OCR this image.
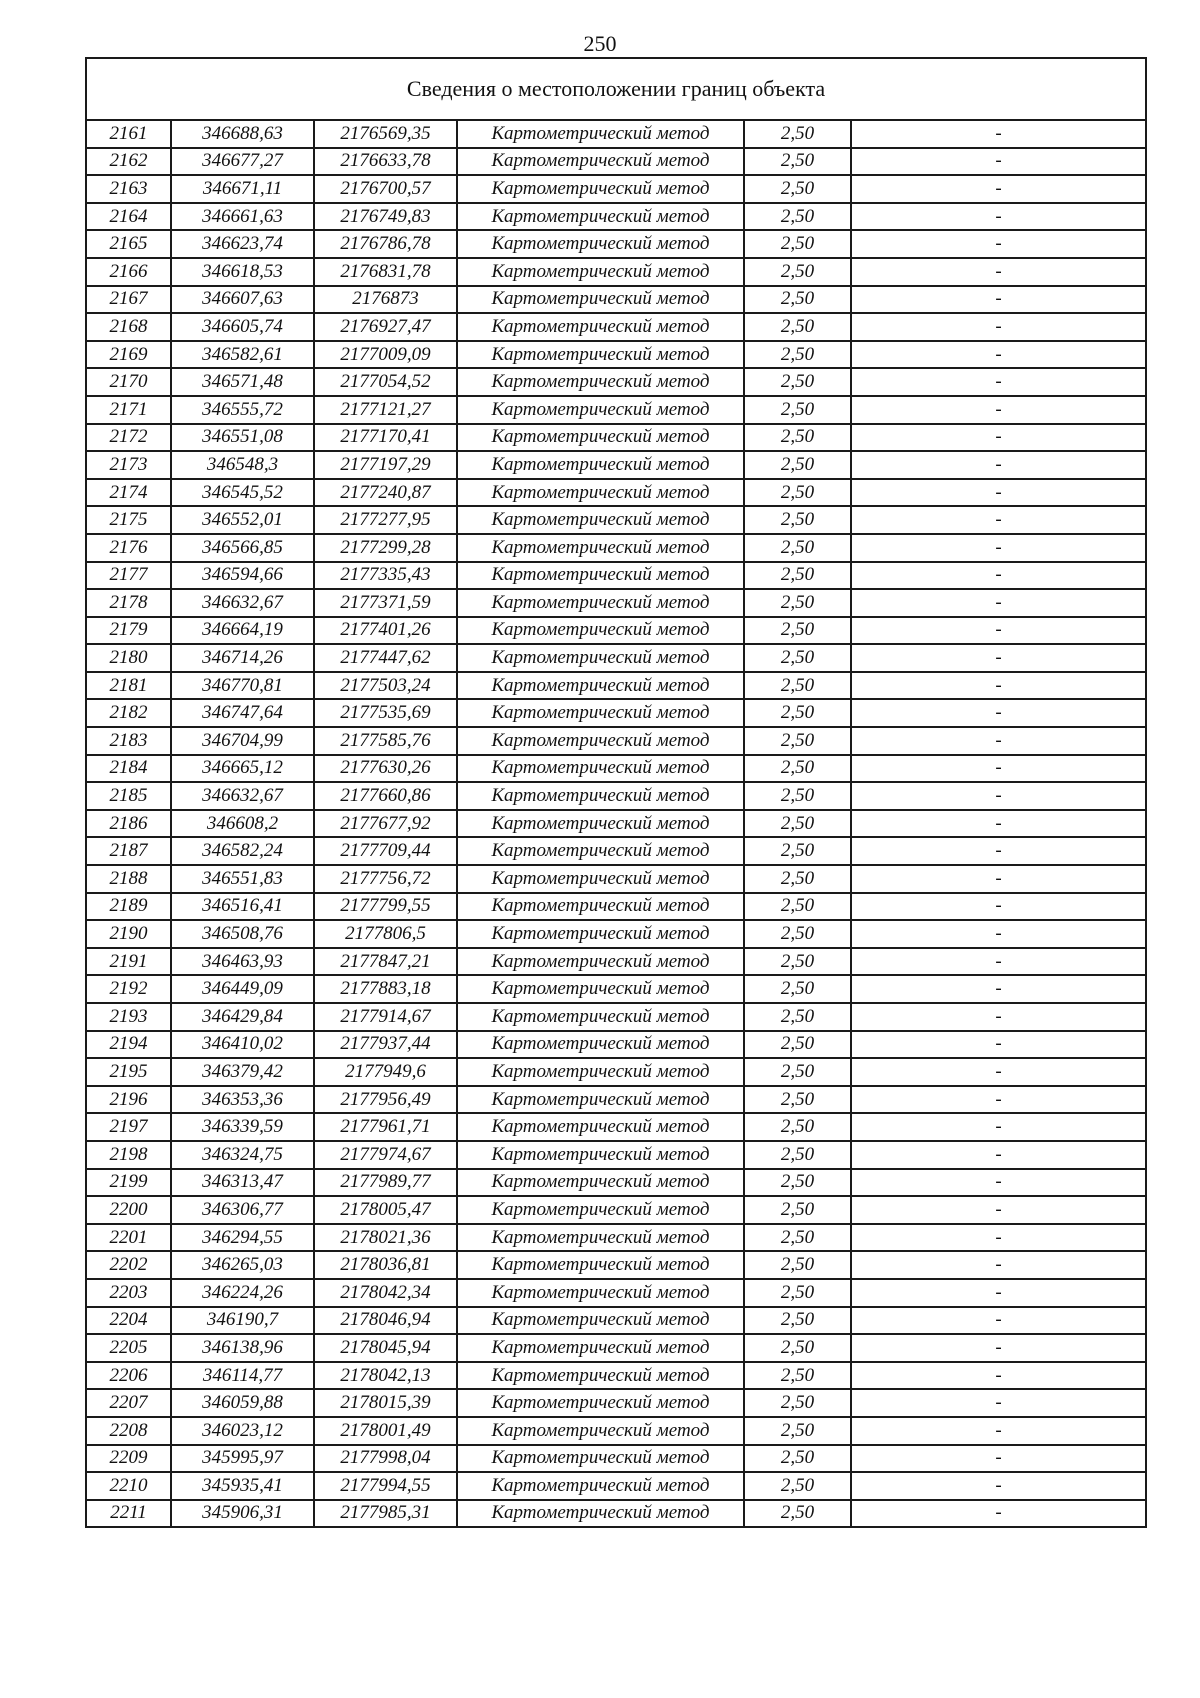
250
Сведения о местоположении границ объекта					
2161	346688,63	2176569,35	Картометрический метод	2,50	-
2162	346677,27	2176633,78	Картометрический метод	2,50	-
2163	346671,11	2176700,57	Картометрический метод	2,50	-
2164	346661,63	2176749,83	Картометрический метод	2,50	-
2165	346623,74	2176786,78	Картометрический метод	2,50	-
2166	346618,53	2176831,78	Картометрический метод	2,50	-
2167	346607,63	2176873	Картометрический метод	2,50	-
2168	346605,74	2176927,47	Картометрический метод	2,50	-
2169	346582,61	2177009,09	Картометрический метод	2,50	-
2170	346571,48	2177054,52	Картометрический метод	2,50	-
2171	346555,72	2177121,27	Картометрический метод	2,50	-
2172	346551,08	2177170,41	Картометрический метод	2,50	-
2173	346548,3	2177197,29	Картометрический метод	2,50	-
2174	346545,52	2177240,87	Картометрический метод	2,50	-
2175	346552,01	2177277,95	Картометрический метод	2,50	-
2176	346566,85	2177299,28	Картометрический метод	2,50	-
2177	346594,66	2177335,43	Картометрический метод	2,50	-
2178	346632,67	2177371,59	Картометрический метод	2,50	-
2179	346664,19	2177401,26	Картометрический метод	2,50	-
2180	346714,26	2177447,62	Картометрический метод	2,50	-
2181	346770,81	2177503,24	Картометрический метод	2,50	-
2182	346747,64	2177535,69	Картометрический метод	2,50	-
2183	346704,99	2177585,76	Картометрический метод	2,50	-
2184	346665,12	2177630,26	Картометрический метод	2,50	-
2185	346632,67	2177660,86	Картометрический метод	2,50	-
2186	346608,2	2177677,92	Картометрический метод	2,50	-
2187	346582,24	2177709,44	Картометрический метод	2,50	-
2188	346551,83	2177756,72	Картометрический метод	2,50	-
2189	346516,41	2177799,55	Картометрический метод	2,50	-
2190	346508,76	2177806,5	Картометрический метод	2,50	-
2191	346463,93	2177847,21	Картометрический метод	2,50	-
2192	346449,09	2177883,18	Картометрический метод	2,50	-
2193	346429,84	2177914,67	Картометрический метод	2,50	-
2194	346410,02	2177937,44	Картометрический метод	2,50	-
2195	346379,42	2177949,6	Картометрический метод	2,50	-
2196	346353,36	2177956,49	Картометрический метод	2,50	-
2197	346339,59	2177961,71	Картометрический метод	2,50	-
2198	346324,75	2177974,67	Картометрический метод	2,50	-
2199	346313,47	2177989,77	Картометрический метод	2,50	-
2200	346306,77	2178005,47	Картометрический метод	2,50	-
2201	346294,55	2178021,36	Картометрический метод	2,50	-
2202	346265,03	2178036,81	Картометрический метод	2,50	-
2203	346224,26	2178042,34	Картометрический метод	2,50	-
2204	346190,7	2178046,94	Картометрический метод	2,50	-
2205	346138,96	2178045,94	Картометрический метод	2,50	-
2206	346114,77	2178042,13	Картометрический метод	2,50	-
2207	346059,88	2178015,39	Картометрический метод	2,50	-
2208	346023,12	2178001,49	Картометрический метод	2,50	-
2209	345995,97	2177998,04	Картометрический метод	2,50	-
2210	345935,41	2177994,55	Картометрический метод	2,50	-
2211	345906,31	2177985,31	Картометрический метод	2,50	-
